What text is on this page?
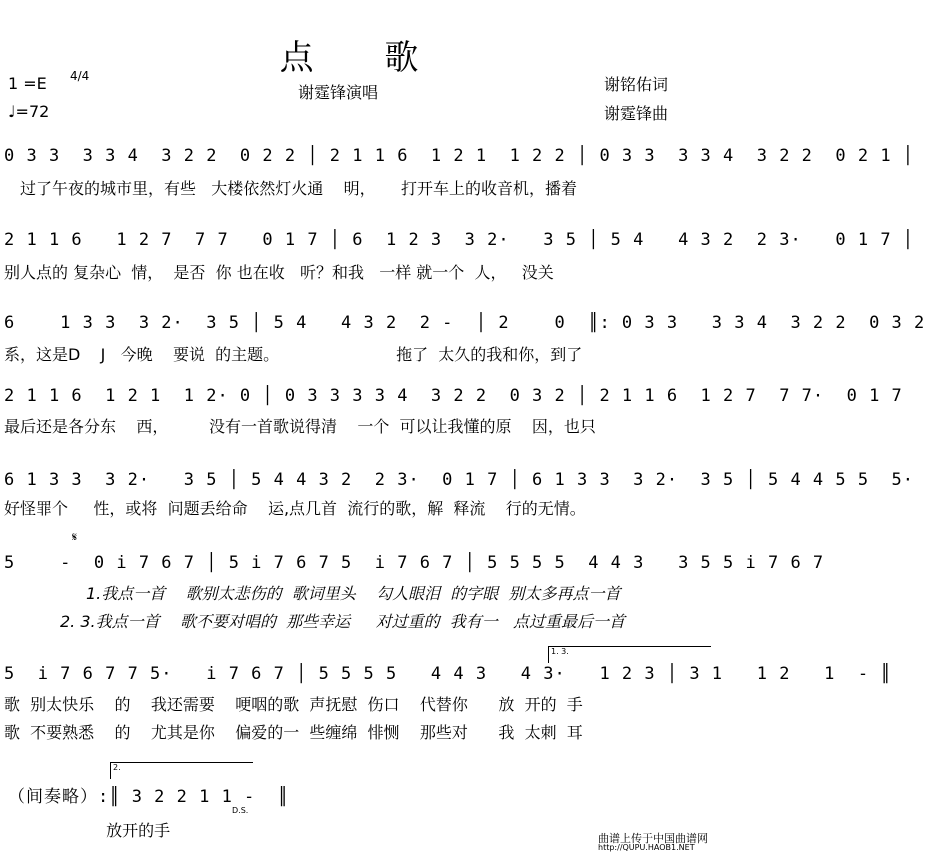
点 歌
1 =E 4/4
♩=72
谢霆锋演唱	谢铭佑词
谢霆锋曲
0 3 3  3 3 4  3 2 2  0 2 2 │ 2 1 1 6  1 2 1  1 2 2 │ 0 3 3  3 3 4  3 2 2  0 2 1 │
过了午夜的城市里，有些   大楼依然灯火通    明，     打开车上的收音机，播着
2 1 1 6   1 2 7  7 7   0 1 7 │ 6  1 2 3  3 2·   3 5 │ 5 4   4 3 2  2 3·   0 1 7 │
别人点的 复杂心  情，  是否  你 也在收   听？和我   一样 就一个  人，   没关
6    1 3 3  3 2·  3 5 │ 5 4   4 3 2  2 -  │ 2    0  ║: 0 3 3   3 3 4  3 2 2  0 3 2
系，这是D    J   今晚    要说  的主题。                       拖了  太久的我和你，到了
2 1 1 6  1 2 1  1 2· 0 │ 0 3 3 3 3 4  3 2 2  0 3 2 │ 2 1 1 6  1 2 7  7 7·  0 1 7
最后还是各分东    西，        没有一首歌说得清    一个  可以让我懂的原    因，也只
6 1 3 3  3 2·   3 5 │ 5 4 4 3 2  2 3·  0 1 7 │ 6 1 3 3  3 2·  3 5 │ 5 4 4 5 5  5·
好怪罪个     性，或将  问题丢给命    运,点几首  流行的歌，解  释流    行的无情。
𝄋
5    -  0 i 7 6 7 │ 5 i 7 6 7 5  i 7 6 7 │ 5 5 5 5  4 4 3   3 5 5 i 7 6 7
1.我点一首    歌别太悲伤的  歌词里头    勾人眼泪  的字眼  别太多再点一首
2. 3.我点一首    歌不要对唱的  那些幸运     对过重的  我有一   点过重最后一首
1. 3.
5  i 7 6 7 7 5·   i 7 6 7 │ 5 5 5 5   4 4 3   4 3·   1 2 3 │ 3 1   1 2   1  - ║
歌  别太快乐    的    我还需要    哽咽的歌  声抚慰  伤口    代替你      放  开的  手
歌  不要熟悉    的    尤其是你    偏爱的一  些缠绵  悱恻    那些对      我  太刺  耳
2.
（间奏略）:║ 3 2 2 1 1 -  ║
D.S.
放开的手	曲谱上传于中国曲谱网
http://QUPU.HAOB1.NET
